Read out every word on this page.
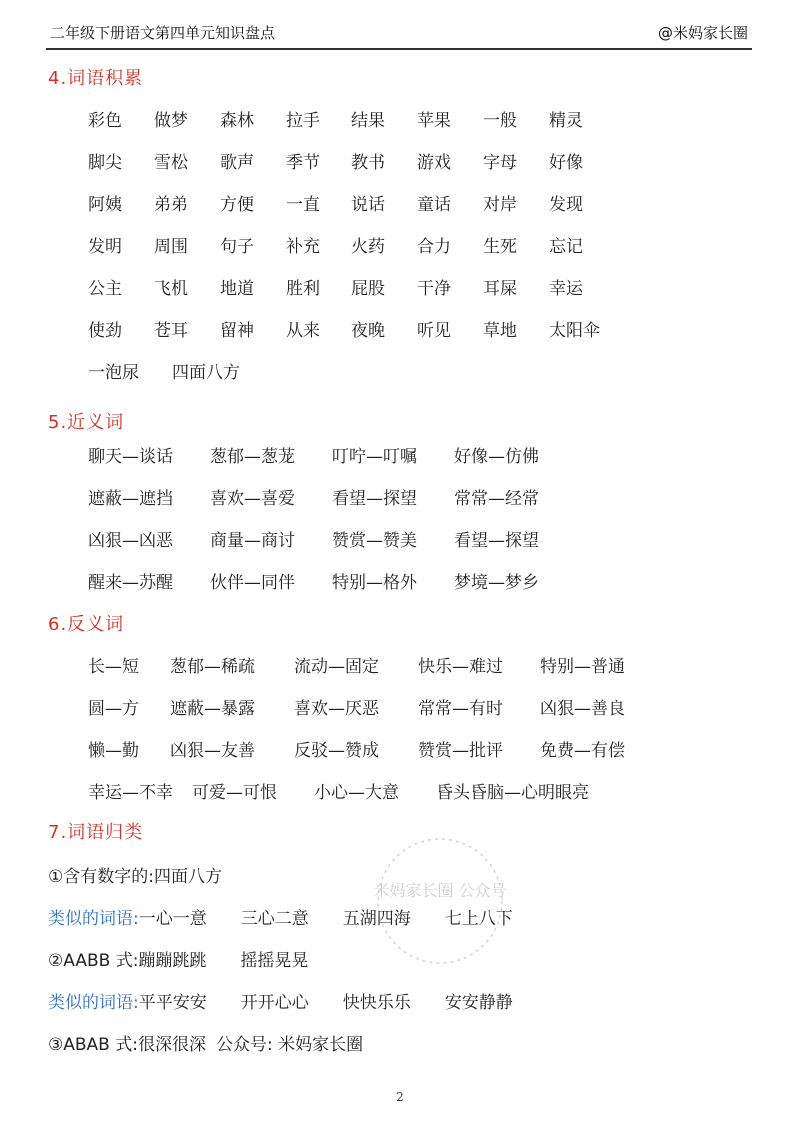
二年级下册语文第四单元知识盘点	@米妈家长圈
4.词语积累
彩色 做梦 森林 拉手 结果 苹果 一般 精灵
脚尖 雪松 歌声 季节 教书 游戏 字母 好像
阿姨 弟弟 方便 一直 说话 童话 对岸 发现
发明 周围 句子 补充 火药 合力 生死 忘记
公主 飞机 地道 胜利 屁股 干净 耳屎 幸运
使劲 苍耳 留神 从来 夜晚 听见 草地 太阳伞
一泡尿 四面八方
5.近义词
聊天—谈话 葱郁—葱茏 叮咛—叮嘱 好像—仿佛
遮蔽—遮挡 喜欢—喜爱 看望—探望 常常—经常
凶狠—凶恶 商量—商讨 赞赏—赞美 看望—探望
醒来—苏醒 伙伴—同伴 特别—格外 梦境—梦乡
6.反义词
长—短 葱郁—稀疏 流动—固定 快乐—难过 特别—普通
圆—方 遮蔽—暴露 喜欢—厌恶 常常—有时 凶狠—善良
懒—勤 凶狠—友善 反驳—赞成 赞赏—批评 免费—有偿
幸运—不幸 可爱—可恨 小心—大意 昏头昏脑—心明眼亮
7.词语归类
①含有数字的:四面八方
类似的词语:一心一意 三心二意 五湖四海 七上八下
②AABB 式:蹦蹦跳跳 摇摇晃晃
类似的词语:平平安安 开开心心 快快乐乐 安安静静
③ABAB 式:很深很深 公众号: 米妈家长圈
米妈家长圈 公众号
2
